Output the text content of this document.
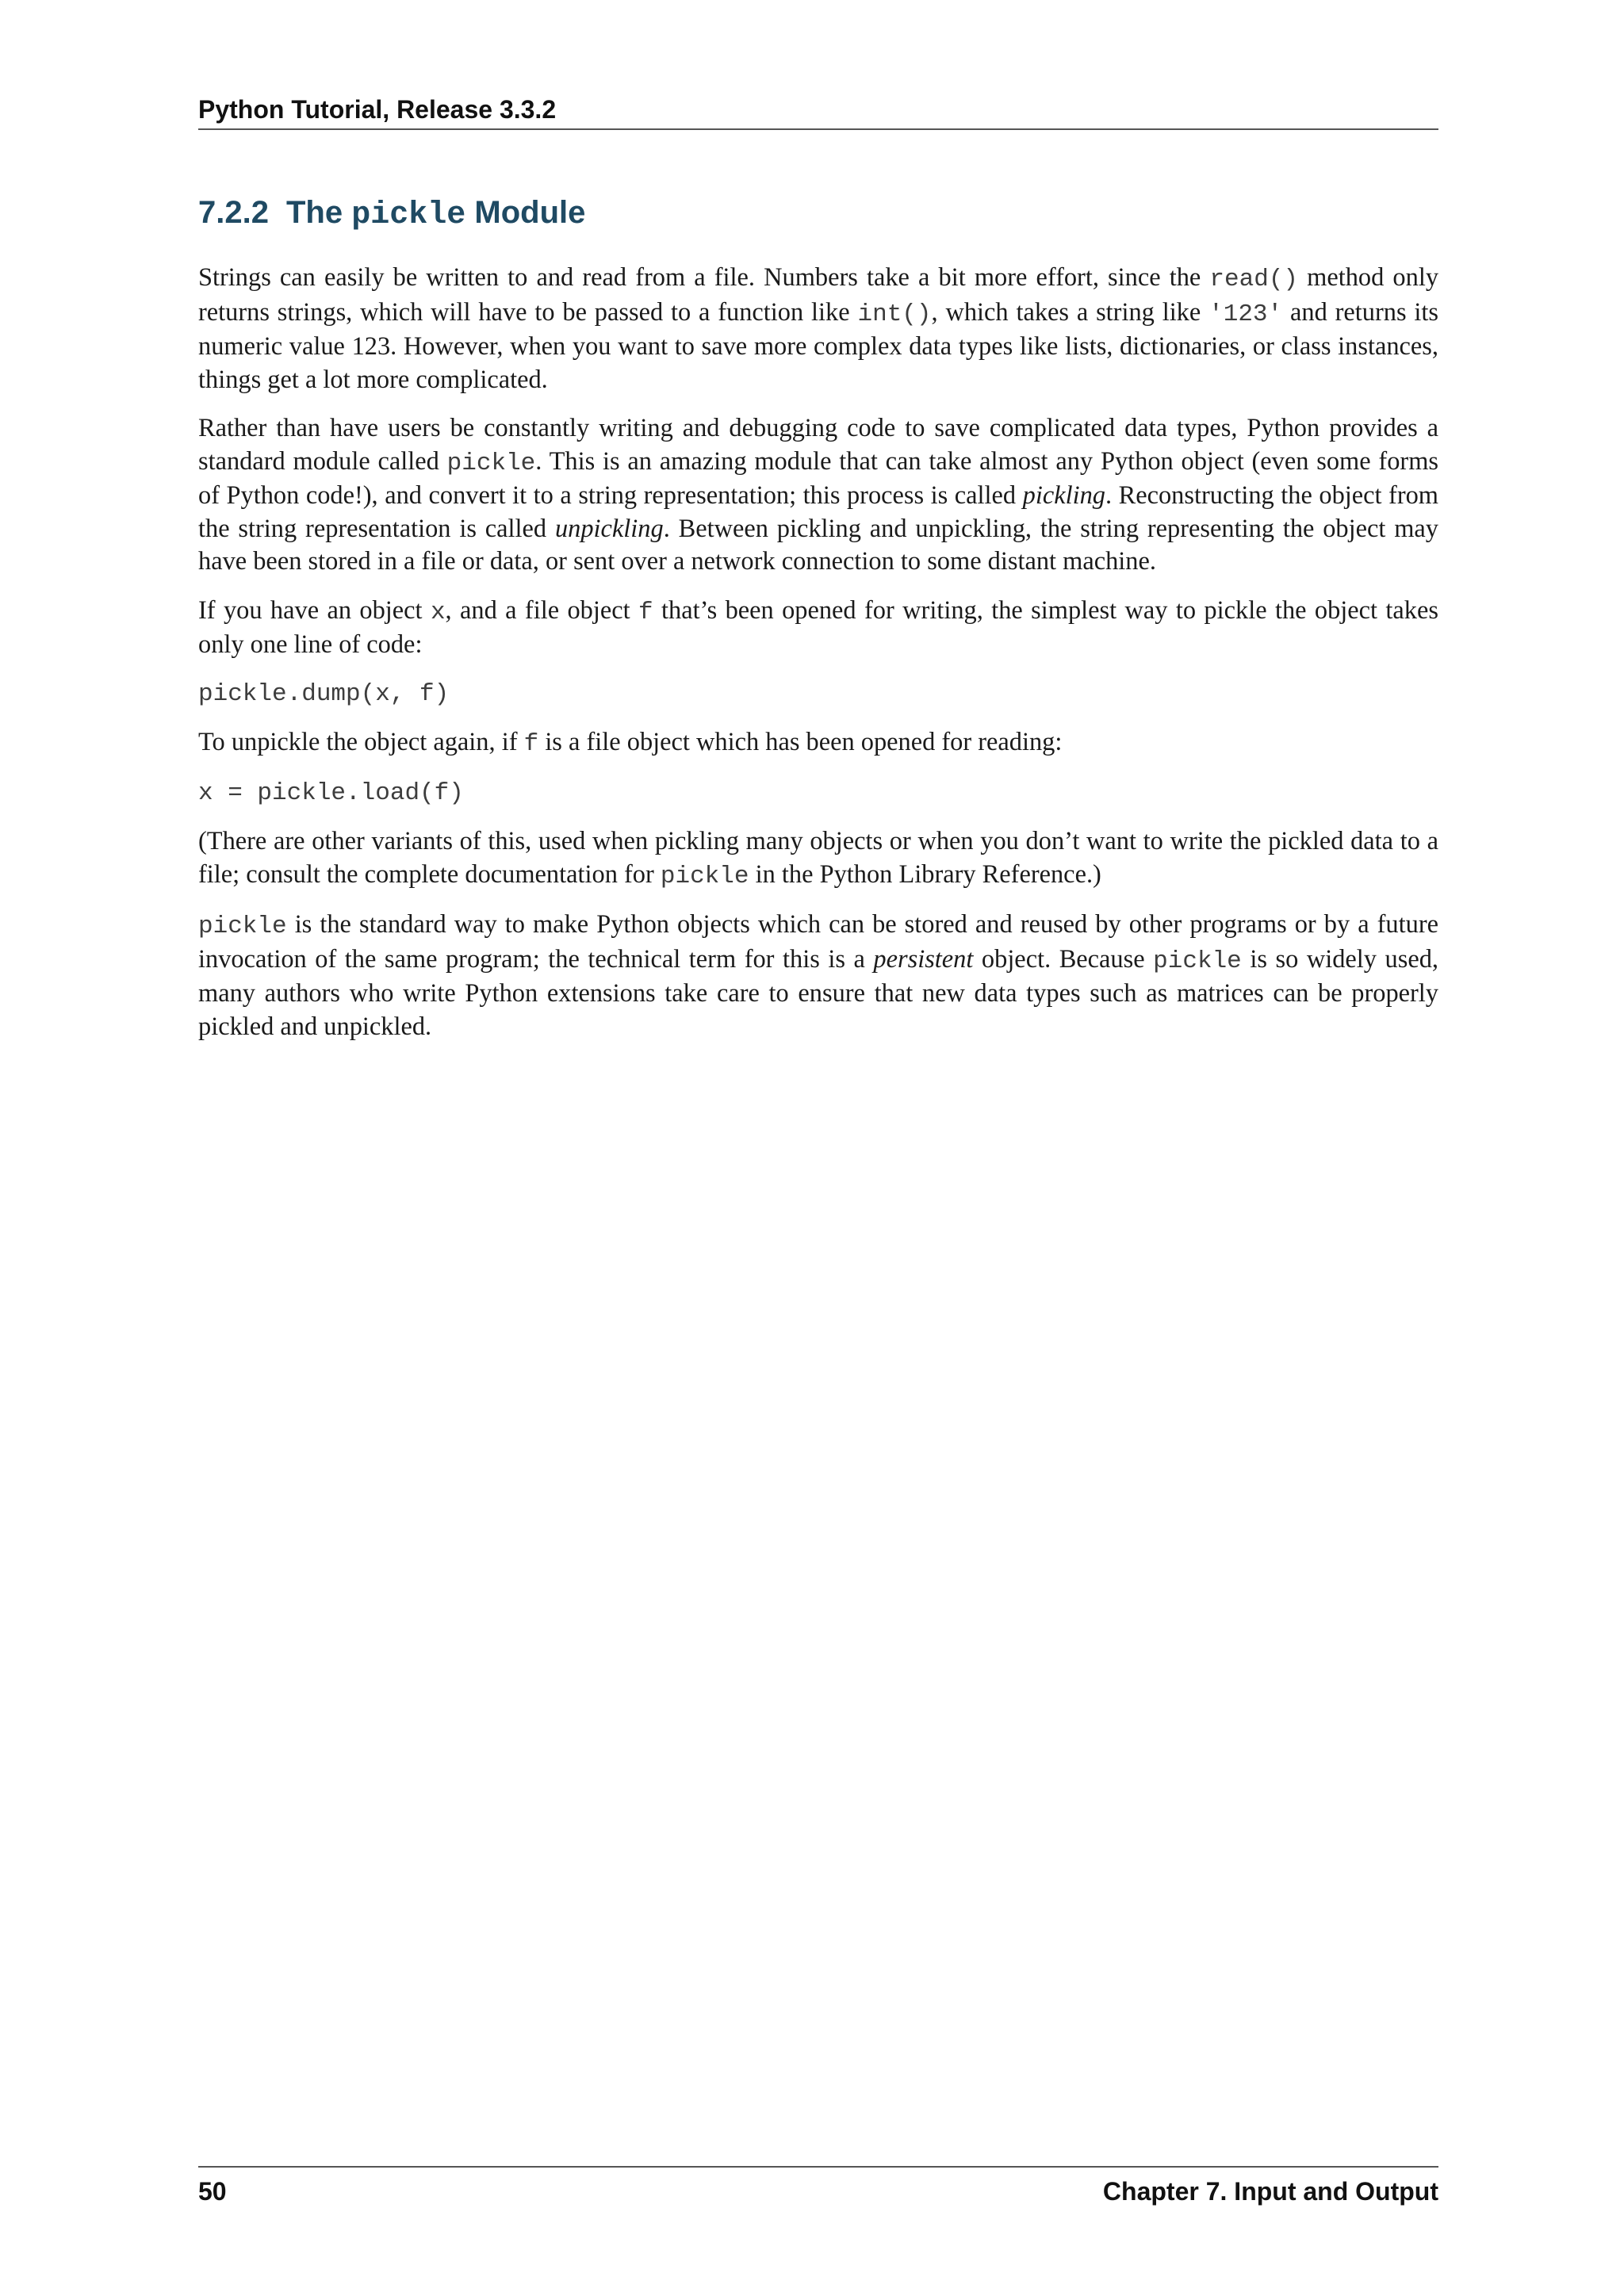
Python Tutorial, Release 3.3.2
7.2.2 The pickle Module

Strings can easily be written to and read from a file. Numbers take a bit more effort, since the read() method only returns strings, which will have to be passed to a function like int(), which takes a string like '123' and returns its numeric value 123. However, when you want to save more complex data types like lists, dictionaries, or class instances, things get a lot more complicated.

Rather than have users be constantly writing and debugging code to save complicated data types, Python provides a standard module called pickle. This is an amazing module that can take almost any Python object (even some forms of Python code!), and convert it to a string representation; this process is called pickling. Reconstructing the object from the string representation is called unpickling. Between pickling and unpickling, the string representing the object may have been stored in a file or data, or sent over a network connection to some distant machine.

If you have an object x, and a file object f that’s been opened for writing, the simplest way to pickle the object takes only one line of code:

pickle.dump(x, f)

To unpickle the object again, if f is a file object which has been opened for reading:

x = pickle.load(f)

(There are other variants of this, used when pickling many objects or when you don’t want to write the pickled data to a file; consult the complete documentation for pickle in the Python Library Reference.)

pickle is the standard way to make Python objects which can be stored and reused by other programs or by a future invocation of the same program; the technical term for this is a persistent object. Because pickle is so widely used, many authors who write Python extensions take care to ensure that new data types such as matrices can be properly pickled and unpickled.

50	Chapter 7. Input and Output
